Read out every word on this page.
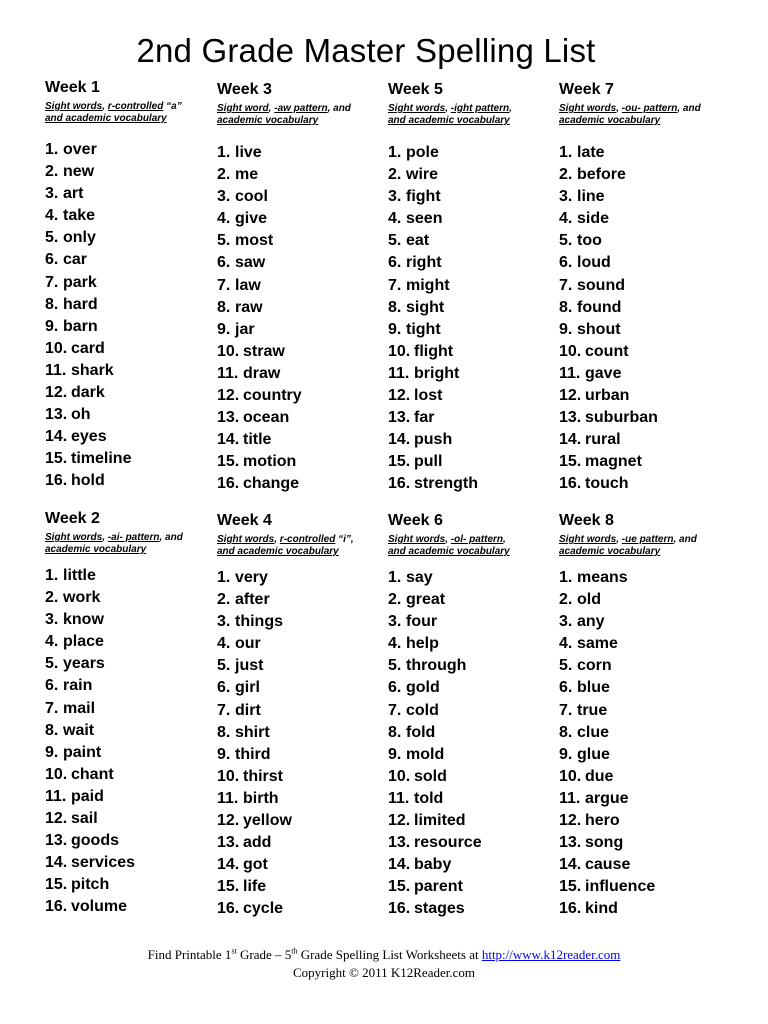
2nd Grade Master Spelling List
Week 1
Sight words, r-controlled “a”
and academic vocabulary
1. over
2. new
3. art
4. take
5. only
6. car
7. park
8. hard
9. barn
10. card
11. shark
12. dark
13. oh
14. eyes
15. timeline
16. hold
Week 2
Sight words, -ai- pattern, and
academic vocabulary
1. little
2. work
3. know
4. place
5. years
6. rain
7. mail
8. wait
9. paint
10. chant
11. paid
12. sail
13. goods
14. services
15. pitch
16. volume
Week 3
Sight word, -aw pattern, and
academic vocabulary
1. live
2. me
3. cool
4. give
5. most
6. saw
7. law
8. raw
9. jar
10. straw
11. draw
12. country
13. ocean
14. title
15. motion
16. change
Week 4
Sight words, r-controlled “i”,
and academic vocabulary
1. very
2. after
3. things
4. our
5. just
6. girl
7. dirt
8. shirt
9. third
10. thirst
11. birth
12. yellow
13. add
14. got
15. life
16. cycle
Week 5
Sight words, -ight pattern,
and academic vocabulary
1. pole
2. wire
3. fight
4. seen
5. eat
6. right
7. might
8. sight
9. tight
10. flight
11. bright
12. lost
13. far
14. push
15. pull
16. strength
Week 6
Sight words, -ol- pattern,
and academic vocabulary
1. say
2. great
3. four
4. help
5. through
6. gold
7. cold
8. fold
9. mold
10. sold
11. told
12. limited
13. resource
14. baby
15. parent
16. stages
Week 7
Sight words, -ou- pattern, and
academic vocabulary
1. late
2. before
3. line
4. side
5. too
6. loud
7. sound
8. found
9. shout
10. count
11. gave
12. urban
13. suburban
14. rural
15. magnet
16. touch
Week 8
Sight words, -ue pattern, and
academic vocabulary
1. means
2. old
3. any
4. same
5. corn
6. blue
7. true
8. clue
9. glue
10. due
11. argue
12. hero
13. song
14. cause
15. influence
16. kind
Find Printable 1st Grade – 5th Grade Spelling List Worksheets at http://www.k12reader.com
Copyright © 2011 K12Reader.com
